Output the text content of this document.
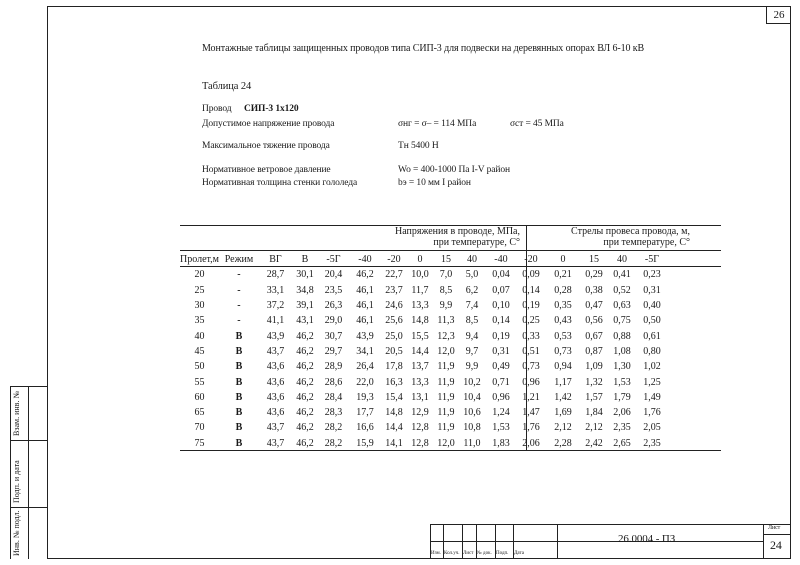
26
Взам. инв. №
Подп. и дата
Инв. № подл.
Монтажные таблицы защищенных проводов типа СИП-3 для подвески на деревянных опорах ВЛ 6-10 кВ
Таблица 24
Провод СИП-3 1х120
Допустимое напряжение провода	σнг = σ– = 114 МПа	σст = 45 МПа
Максимальное тяжение провода	Tн 5400 Н
Нормативное ветровое давление	Wo = 400-1000 Па I-V район
Нормативная толщина стенки гололеда	bэ = 10 мм I район
Напряжения в проводе, МПа,
при температуре, С°
Стрелы провеса провода, м,
при температуре, С°
Пролет,м	Режим	ВГ	В	-5Г	-40	-20	0	15	40	-40	-20	0	15	40	-5Г
20	-	28,7	30,1	20,4	46,2	22,7	10,0	7,0	5,0	0,04	0,09	0,21	0,29	0,41	0,23
25	-	33,1	34,8	23,5	46,1	23,7	11,7	8,5	6,2	0,07	0,14	0,28	0,38	0,52	0,31
30	-	37,2	39,1	26,3	46,1	24,6	13,3	9,9	7,4	0,10	0,19	0,35	0,47	0,63	0,40
35	-	41,1	43,1	29,0	46,1	25,6	14,8	11,3	8,5	0,14	0,25	0,43	0,56	0,75	0,50
40	В	43,9	46,2	30,7	43,9	25,0	15,5	12,3	9,4	0,19	0,33	0,53	0,67	0,88	0,61
45	В	43,7	46,2	29,7	34,1	20,5	14,4	12,0	9,7	0,31	0,51	0,73	0,87	1,08	0,80
50	В	43,6	46,2	28,9	26,4	17,8	13,7	11,9	9,9	0,49	0,73	0,94	1,09	1,30	1,02
55	В	43,6	46,2	28,6	22,0	16,3	13,3	11,9	10,2	0,71	0,96	1,17	1,32	1,53	1,25
60	В	43,6	46,2	28,4	19,3	15,4	13,1	11,9	10,4	0,96	1,21	1,42	1,57	1,79	1,49
65	В	43,6	46,2	28,3	17,7	14,8	12,9	11,9	10,6	1,24	1,47	1,69	1,84	2,06	1,76
70	В	43,7	46,2	28,2	16,6	14,4	12,8	11,9	10,8	1,53	1,76	2,12	2,12	2,35	2,05
75	В	43,7	46,2	28,2	15,9	14,1	12,8	12,0	11,0	1,83	2,06	2,28	2,42	2,65	2,35
Изм. Кол.уч. Лист № док. Подп. Дата
26.0004 - ПЗ
Лист
24
